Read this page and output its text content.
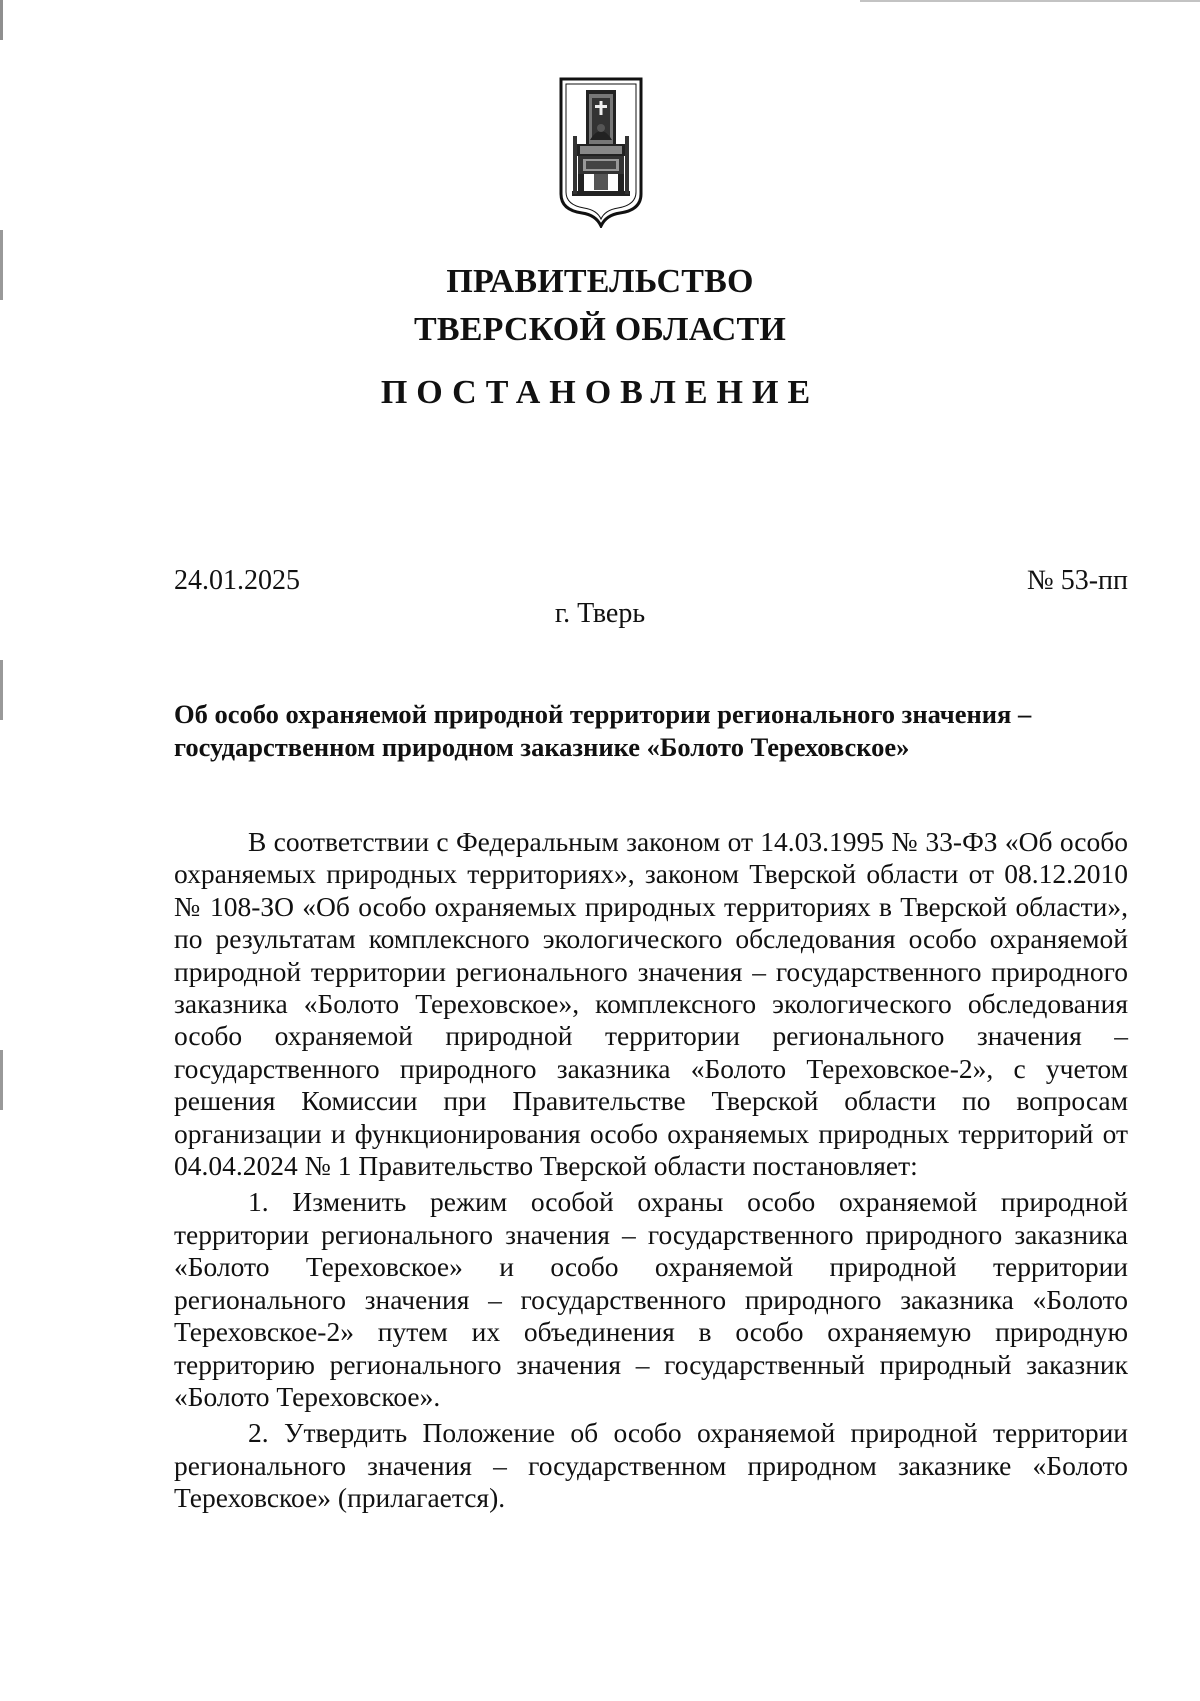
ПРАВИТЕЛЬСТВО
ТВЕРСКОЙ ОБЛАСТИ
ПОСТАНОВЛЕНИЕ
24.01.2025	№ 53-пп
г. Тверь
Об особо охраняемой природной территории регионального значения –
государственном природном заказнике «Болото Тереховское»

В соответствии с Федеральным законом от 14.03.1995 № 33-ФЗ «Об особо охраняемых природных территориях», законом Тверской области от 08.12.2010 № 108-ЗО «Об особо охраняемых природных территориях в Тверской области», по результатам комплексного экологического обследования особо охраняемой природной территории регионального значения – государственного природного заказника «Болото Тереховское», комплексного экологического обследования особо охраняемой природной территории регионального значения – государственного природного заказника «Болото Тереховское-2», с учетом решения Комиссии при Правительстве Тверской области по вопросам организации и функционирования особо охраняемых природных территорий от 04.04.2024 № 1 Правительство Тверской области постановляет:

1. Изменить режим особой охраны особо охраняемой природной территории регионального значения – государственного природного заказника «Болото Тереховское» и особо охраняемой природной территории регионального значения – государственного природного заказника «Болото Тереховское-2» путем их объединения в особо охраняемую природную территорию регионального значения – государственный природный заказник «Болото Тереховское».

2. Утвердить Положение об особо охраняемой природной территории регионального значения – государственном природном заказнике «Болото Тереховское» (прилагается).
